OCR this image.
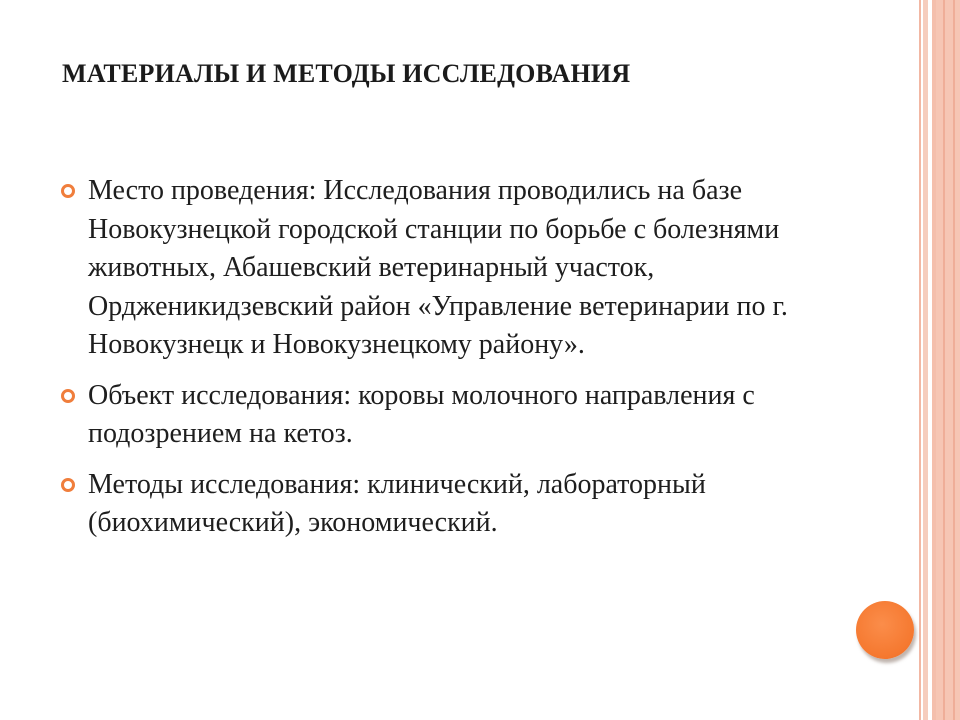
МАТЕРИАЛЫ И МЕТОДЫ ИССЛЕДОВАНИЯ
Место проведения: Исследования проводились на базе Новокузнецкой городской станции по борьбе с болезнями животных, Абашевский ветеринарный участок, Ордженикидзевский район «Управление ветеринарии по г. Новокузнецк и Новокузнецкому району».
Объект исследования: коровы молочного направления с подозрением на кетоз.
Методы исследования: клинический, лабораторный (биохимический), экономический.
